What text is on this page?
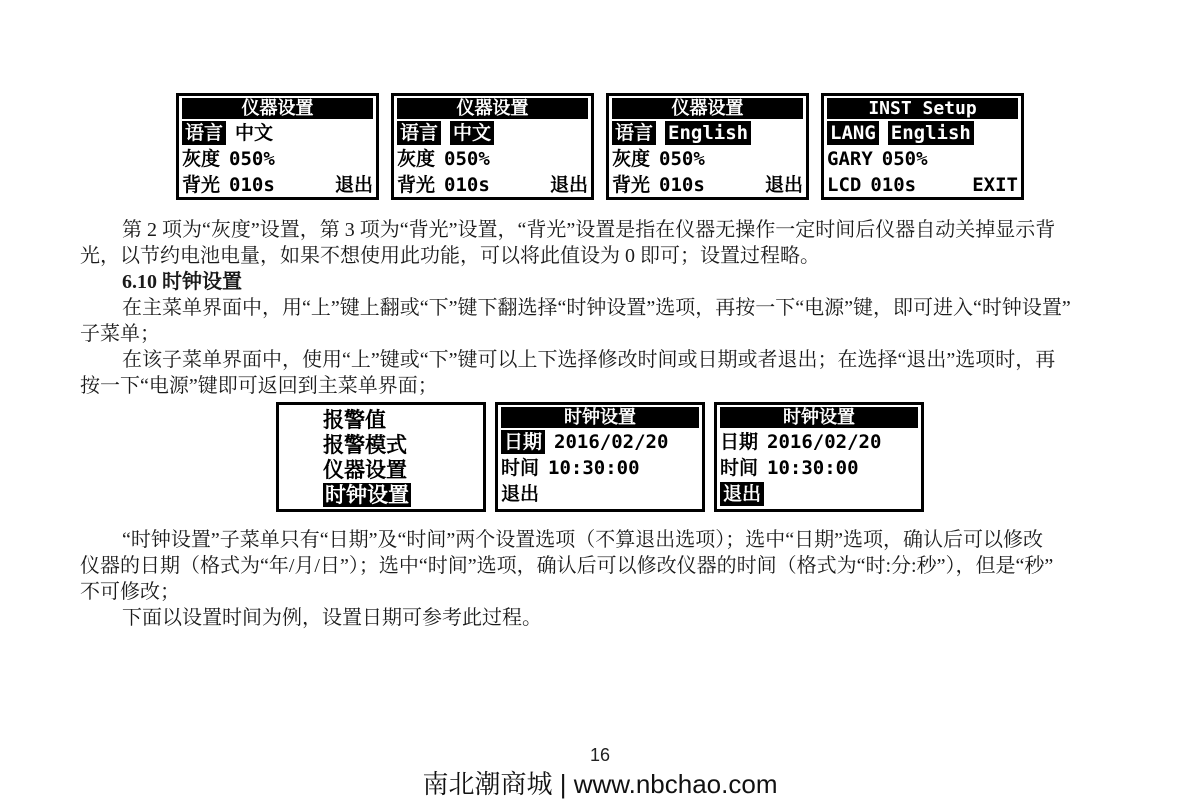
仪器设置
语言 中文
灰度 050%
背光 010s	退出
仪器设置
语言 中文
灰度 050%
背光 010s	退出
仪器设置
语言 English
灰度 050%
背光 010s	退出
INST Setup
LANG English
GARY 050%
LCD 010s	EXIT
第 2 项为“灰度”设置，第 3 项为“背光”设置，“背光”设置是指在仪器无操作一定时间后仪器自动关掉显示背
光，以节约电池电量，如果不想使用此功能，可以将此值设为 0 即可；设置过程略。
6.10 时钟设置
在主菜单界面中，用“上”键上翻或“下”键下翻选择“时钟设置”选项，再按一下“电源”键，即可进入“时钟设置”
子菜单；
在该子菜单界面中，使用“上”键或“下”键可以上下选择修改时间或日期或者退出；在选择“退出”选项时，再
按一下“电源”键即可返回到主菜单界面；
报警值
报警模式
仪器设置
时钟设置
时钟设置
日期 2016/02/20
时间 10:30:00
退出
时钟设置
日期 2016/02/20
时间 10:30:00
退出
“时钟设置”子菜单只有“日期”及“时间”两个设置选项（不算退出选项）；选中“日期”选项，确认后可以修改
仪器的日期（格式为“年/月/日”）；选中“时间”选项，确认后可以修改仪器的时间（格式为“时:分:秒”），但是“秒”
不可修改；
下面以设置时间为例，设置日期可参考此过程。
16
南北潮商城 | www.nbchao.com
